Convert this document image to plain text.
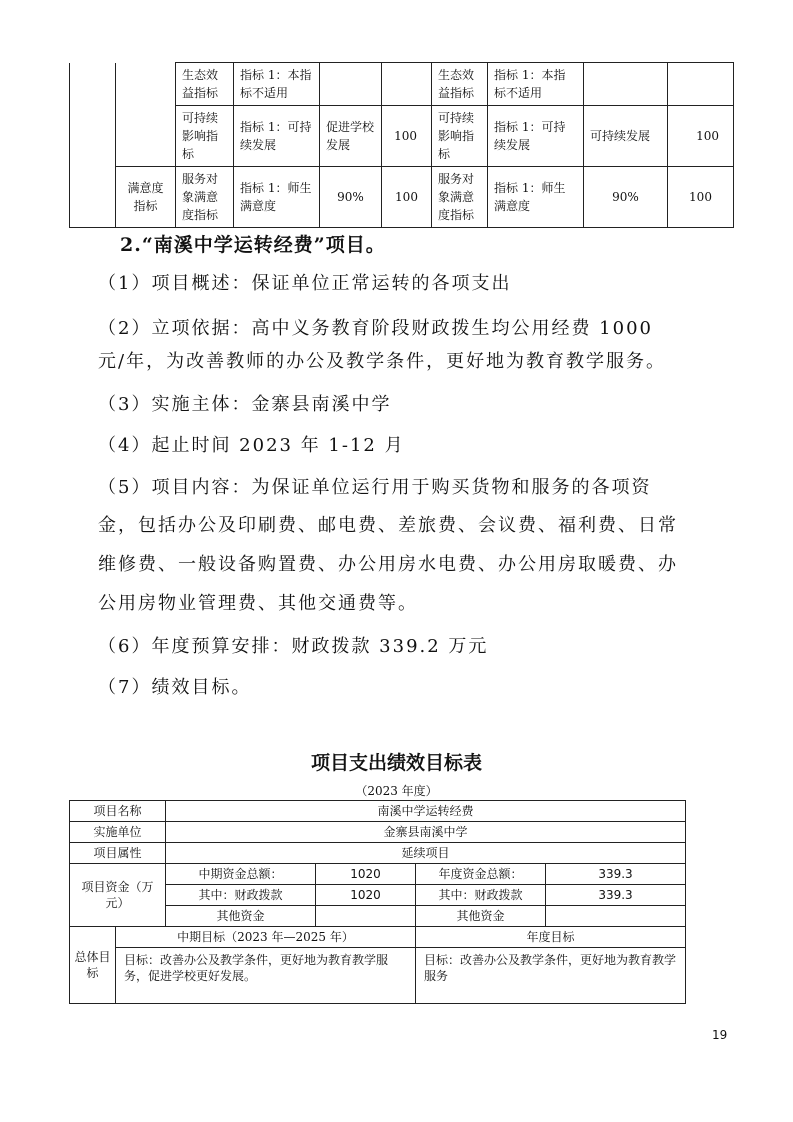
		生态效益指标	指标 1：本指标不适用			生态效益指标	指标 1：本指标不适用		
		可持续影响指标	指标 1：可持续发展	促进学校发展	100	可持续影响指标	指标 1：可持续发展	可持续发展	100
	满意度指标	服务对象满意度指标	指标 1：师生满意度	90%	100	服务对象满意度指标	指标 1：师生满意度	90%	100
2.“南溪中学运转经费”项目。
（1）项目概述：保证单位正常运转的各项支出
（2）立项依据：高中义务教育阶段财政拨生均公用经费 1000
元/年，为改善教师的办公及教学条件，更好地为教育教学服务。
（3）实施主体：金寨县南溪中学
（4）起止时间 2023 年 1-12 月
（5）项目内容：为保证单位运行用于购买货物和服务的各项资
金，包括办公及印刷费、邮电费、差旅费、会议费、福利费、日常
维修费、一般设备购置费、办公用房水电费、办公用房取暖费、办
公用房物业管理费、其他交通费等。
（6）年度预算安排：财政拨款 339.2 万元
（7）绩效目标。
项目支出绩效目标表
（2023 年度）
项目名称		南溪中学运转经费			
实施单位		金寨县南溪中学			
项目属性		延续项目			
项目资金（万元）		中期资金总额：	1020	年度资金总额：	339.3
		其中：财政拨款	1020	其中：财政拨款	339.3
		其他资金		其他资金	
总体目标	中期目标（2023 年—2025 年）			年度目标	
	目标：改善办公及教学条件，更好地为教育教学服务，促进学校更好发展。			目标：改善办公及教学条件，更好地为教育教学服务	
19
